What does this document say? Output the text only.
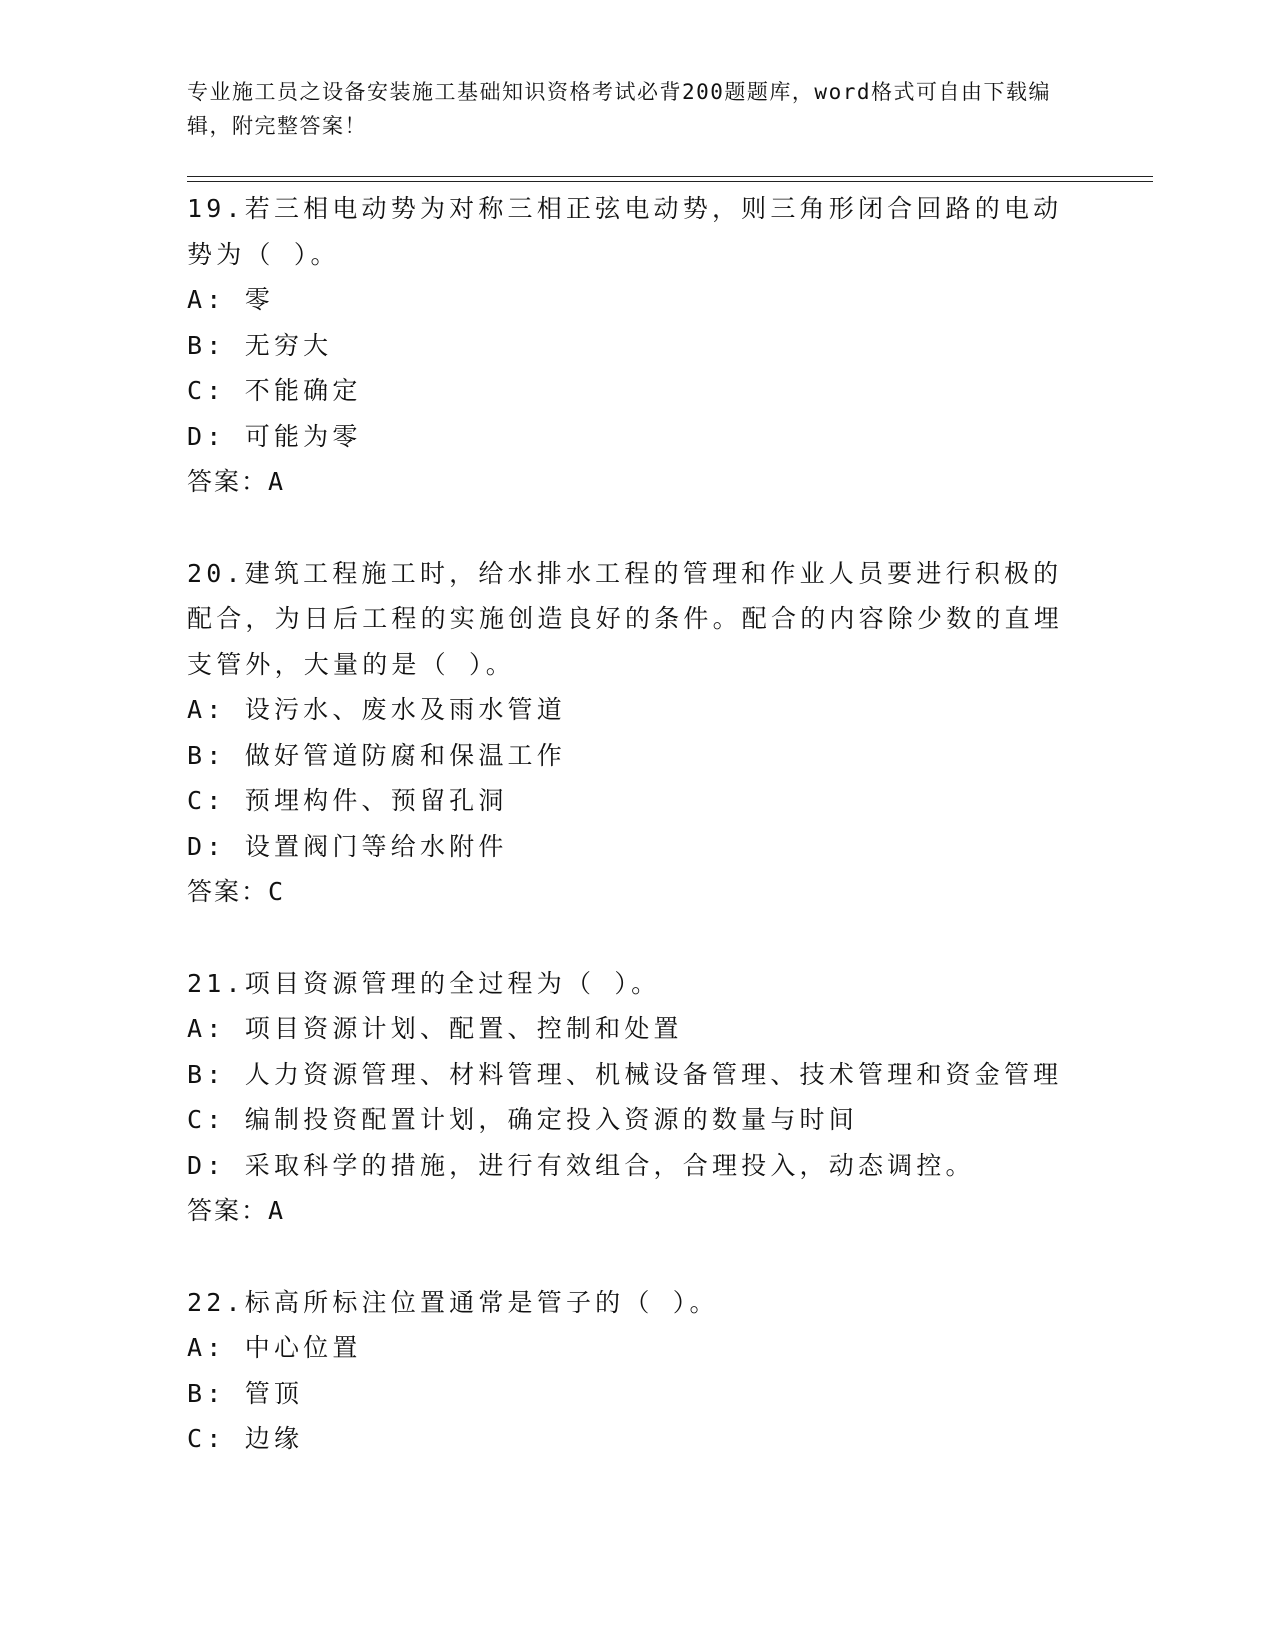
专业施工员之设备安装施工基础知识资格考试必背200题题库，word格式可自由下载编辑，附完整答案！
19.若三相电动势为对称三相正弦电动势，则三角形闭合回路的电动势为（ ）。
A: 零
B: 无穷大
C: 不能确定
D: 可能为零
答案：A
20.建筑工程施工时，给水排水工程的管理和作业人员要进行积极的配合，为日后工程的实施创造良好的条件。配合的内容除少数的直埋支管外，大量的是（ ）。
A: 设污水、废水及雨水管道
B: 做好管道防腐和保温工作
C: 预埋构件、预留孔洞
D: 设置阀门等给水附件
答案：C
21.项目资源管理的全过程为（ ）。
A: 项目资源计划、配置、控制和处置
B: 人力资源管理、材料管理、机械设备管理、技术管理和资金管理
C: 编制投资配置计划，确定投入资源的数量与时间
D: 采取科学的措施，进行有效组合，合理投入，动态调控。
答案：A
22.标高所标注位置通常是管子的（ ）。
A: 中心位置
B: 管顶
C: 边缘
